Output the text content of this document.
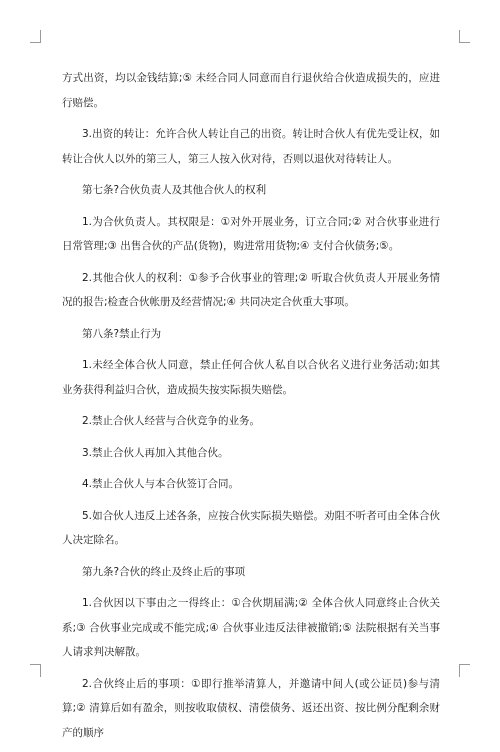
方式出资，均以金钱结算;⑤ 未经合同人同意而自行退伙给合伙造成损失的，应进行赔偿。

3.出资的转让：允许合伙人转让自己的出资。转让时合伙人有优先受让权，如转让合伙人以外的第三人，第三人按入伙对待，否则以退伙对待转让人。

第七条?合伙负责人及其他合伙人的权利

1.为合伙负责人。其权限是：①对外开展业务，订立合同;② 对合伙事业进行日常管理;③ 出售合伙的产品(货物)，购进常用货物;④ 支付合伙债务;⑤。

2.其他合伙人的权利：①参予合伙事业的管理;② 听取合伙负责人开展业务情况的报告;检查合伙帐册及经营情况;④ 共同决定合伙重大事项。

第八条?禁止行为

1.未经全体合伙人同意，禁止任何合伙人私自以合伙名义进行业务活动;如其业务获得利益归合伙，造成损失按实际损失赔偿。

2.禁止合伙人经营与合伙竞争的业务。

3.禁止合伙人再加入其他合伙。

4.禁止合伙人与本合伙签订合同。

5.如合伙人违反上述各条，应按合伙实际损失赔偿。劝阻不听者可由全体合伙人决定除名。

第九条?合伙的终止及终止后的事项

1.合伙因以下事由之一得终止：①合伙期届满;② 全体合伙人同意终止合伙关系;③ 合伙事业完成或不能完成;④ 合伙事业违反法律被撤销;⑤ 法院根据有关当事人请求判决解散。

2.合伙终止后的事项：①即行推举清算人，并邀请中间人(或公证员)参与清算;② 清算后如有盈余，则按收取债权、清偿债务、返还出资、按比例分配剩余财产的顺序
